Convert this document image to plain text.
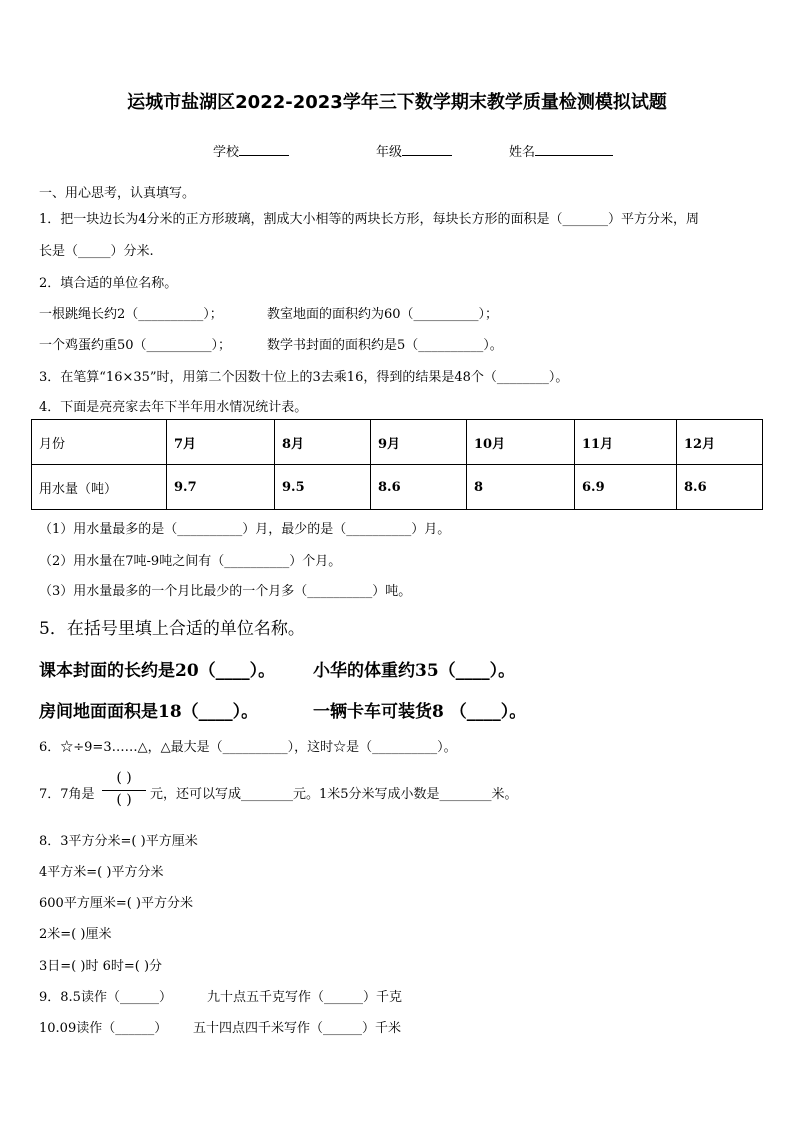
运城市盐湖区2022-2023学年三下数学期末教学质量检测模拟试题
学校	年级	姓名
一、用心思考，认真填写。
1．把一块边长为4分米的正方形玻璃，割成大小相等的两块长方形，每块长方形的面积是（_______）平方分米，周
长是（_____）分米.
2．填合适的单位名称。
一根跳绳长约2（__________）；	教室地面的面积约为60（__________）；
一个鸡蛋约重50（__________）；	数学书封面的面积约是5（__________）。
3．在笔算“16×35”时，用第二个因数十位上的3去乘16，得到的结果是48个（________）。
4．下面是亮亮家去年下半年用水情况统计表。
月份	7月	8月	9月	10月	11月	12月
用水量（吨）	9.7	9.5	8.6	8	6.9	8.6
（1）用水量最多的是（__________）月，最少的是（__________）月。
（2）用水量在7吨-9吨之间有（__________）个月。
（3）用水量最多的一个月比最少的一个月多（__________）吨。
5．在括号里填上合适的单位名称。
课本封面的长约是20（____）。 小华的体重约35（____）。
房间地面面积是18（____）。	一辆卡车可装货8 （____）。
6．☆÷9=3……△，△最大是（__________），这时☆是（__________）。
7．7角是
( )
( )	元，还可以写成________元。1米5分米写成小数是________米。
8．3平方分米=( )平方厘米
4平方米=( )平方分米
600平方厘米=( )平方分米
2米=( )厘米
3日=( )时 6时=( )分
9．8.5读作（______）	九十点五千克写作（______）千克
10.09读作（______） 五十四点四千米写作（______）千米
